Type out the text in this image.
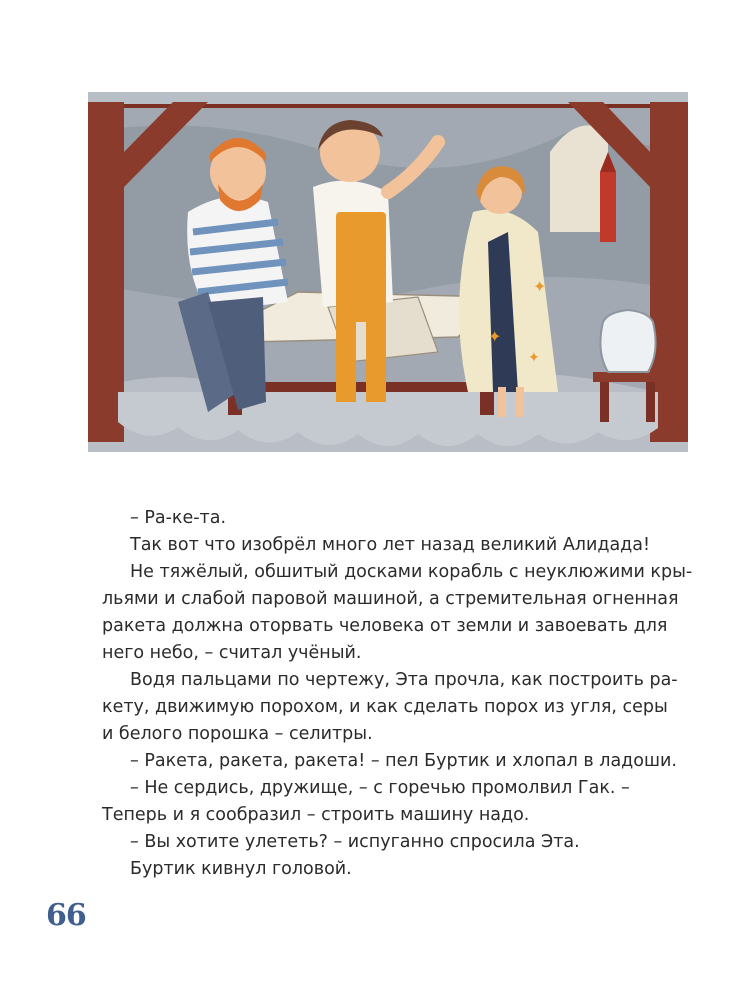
✦
✦
✦

– Ра-ке-та.

Так вот что изобрёл много лет назад великий Алидада!

Не тяжёлый, обшитый досками корабль с неуклюжими кры-

льями и слабой паровой машиной, а стремительная огненная

ракета должна оторвать человека от земли и завоевать для

него небо, – считал учёный.

Водя пальцами по чертежу, Эта прочла, как построить ра-

кету, движимую порохом, и как сделать порох из угля, серы

и белого порошка – селитры.

– Ракета, ракета, ракета! – пел Буртик и хлопал в ладоши.

– Не сердись, дружище, – с горечью промолвил Гак. –

Теперь и я сообразил – строить машину надо.

– Вы хотите улететь? – испуганно спросила Эта.

Буртик кивнул головой.

66
